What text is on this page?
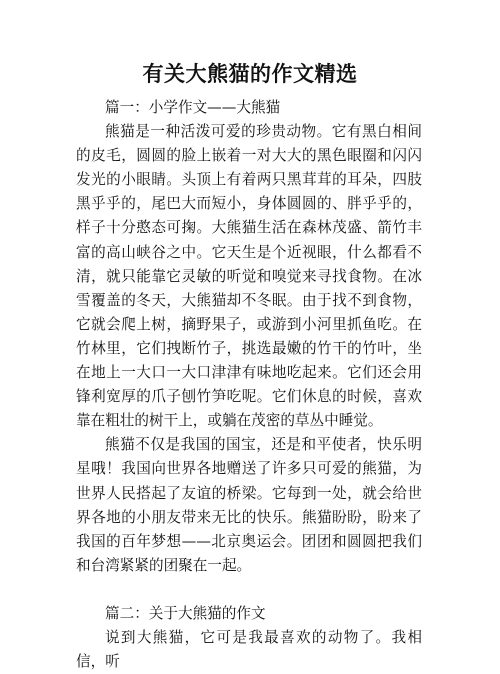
有关大熊猫的作文精选

篇一：小学作文——大熊猫

熊猫是一种活泼可爱的珍贵动物。它有黑白相间的皮毛，圆圆的脸上嵌着一对大大的黑色眼圈和闪闪发光的小眼睛。头顶上有着两只黑茸茸的耳朵，四肢黑乎乎的，尾巴大而短小，身体圆圆的、胖乎乎的，样子十分憨态可掬。大熊猫生活在森林茂盛、箭竹丰富的高山峡谷之中。它天生是个近视眼，什么都看不清，就只能靠它灵敏的听觉和嗅觉来寻找食物。在冰雪覆盖的冬天，大熊猫却不冬眠。由于找不到食物，它就会爬上树，摘野果子，或游到小河里抓鱼吃。在竹林里，它们拽断竹子，挑选最嫩的竹干的竹叶，坐在地上一大口一大口津津有味地吃起来。它们还会用锋利宽厚的爪子刨竹笋吃呢。它们休息的时候，喜欢靠在粗壮的树干上，或躺在茂密的草丛中睡觉。

熊猫不仅是我国的国宝，还是和平使者，快乐明星哦！我国向世界各地赠送了许多只可爱的熊猫，为世界人民搭起了友谊的桥梁。它每到一处，就会给世界各地的小朋友带来无比的快乐。熊猫盼盼，盼来了我国的百年梦想——北京奥运会。团团和圆圆把我们和台湾紧紧的团聚在一起。

篇二：关于大熊猫的作文

说到大熊猫，它可是我最喜欢的动物了。我相信，听
